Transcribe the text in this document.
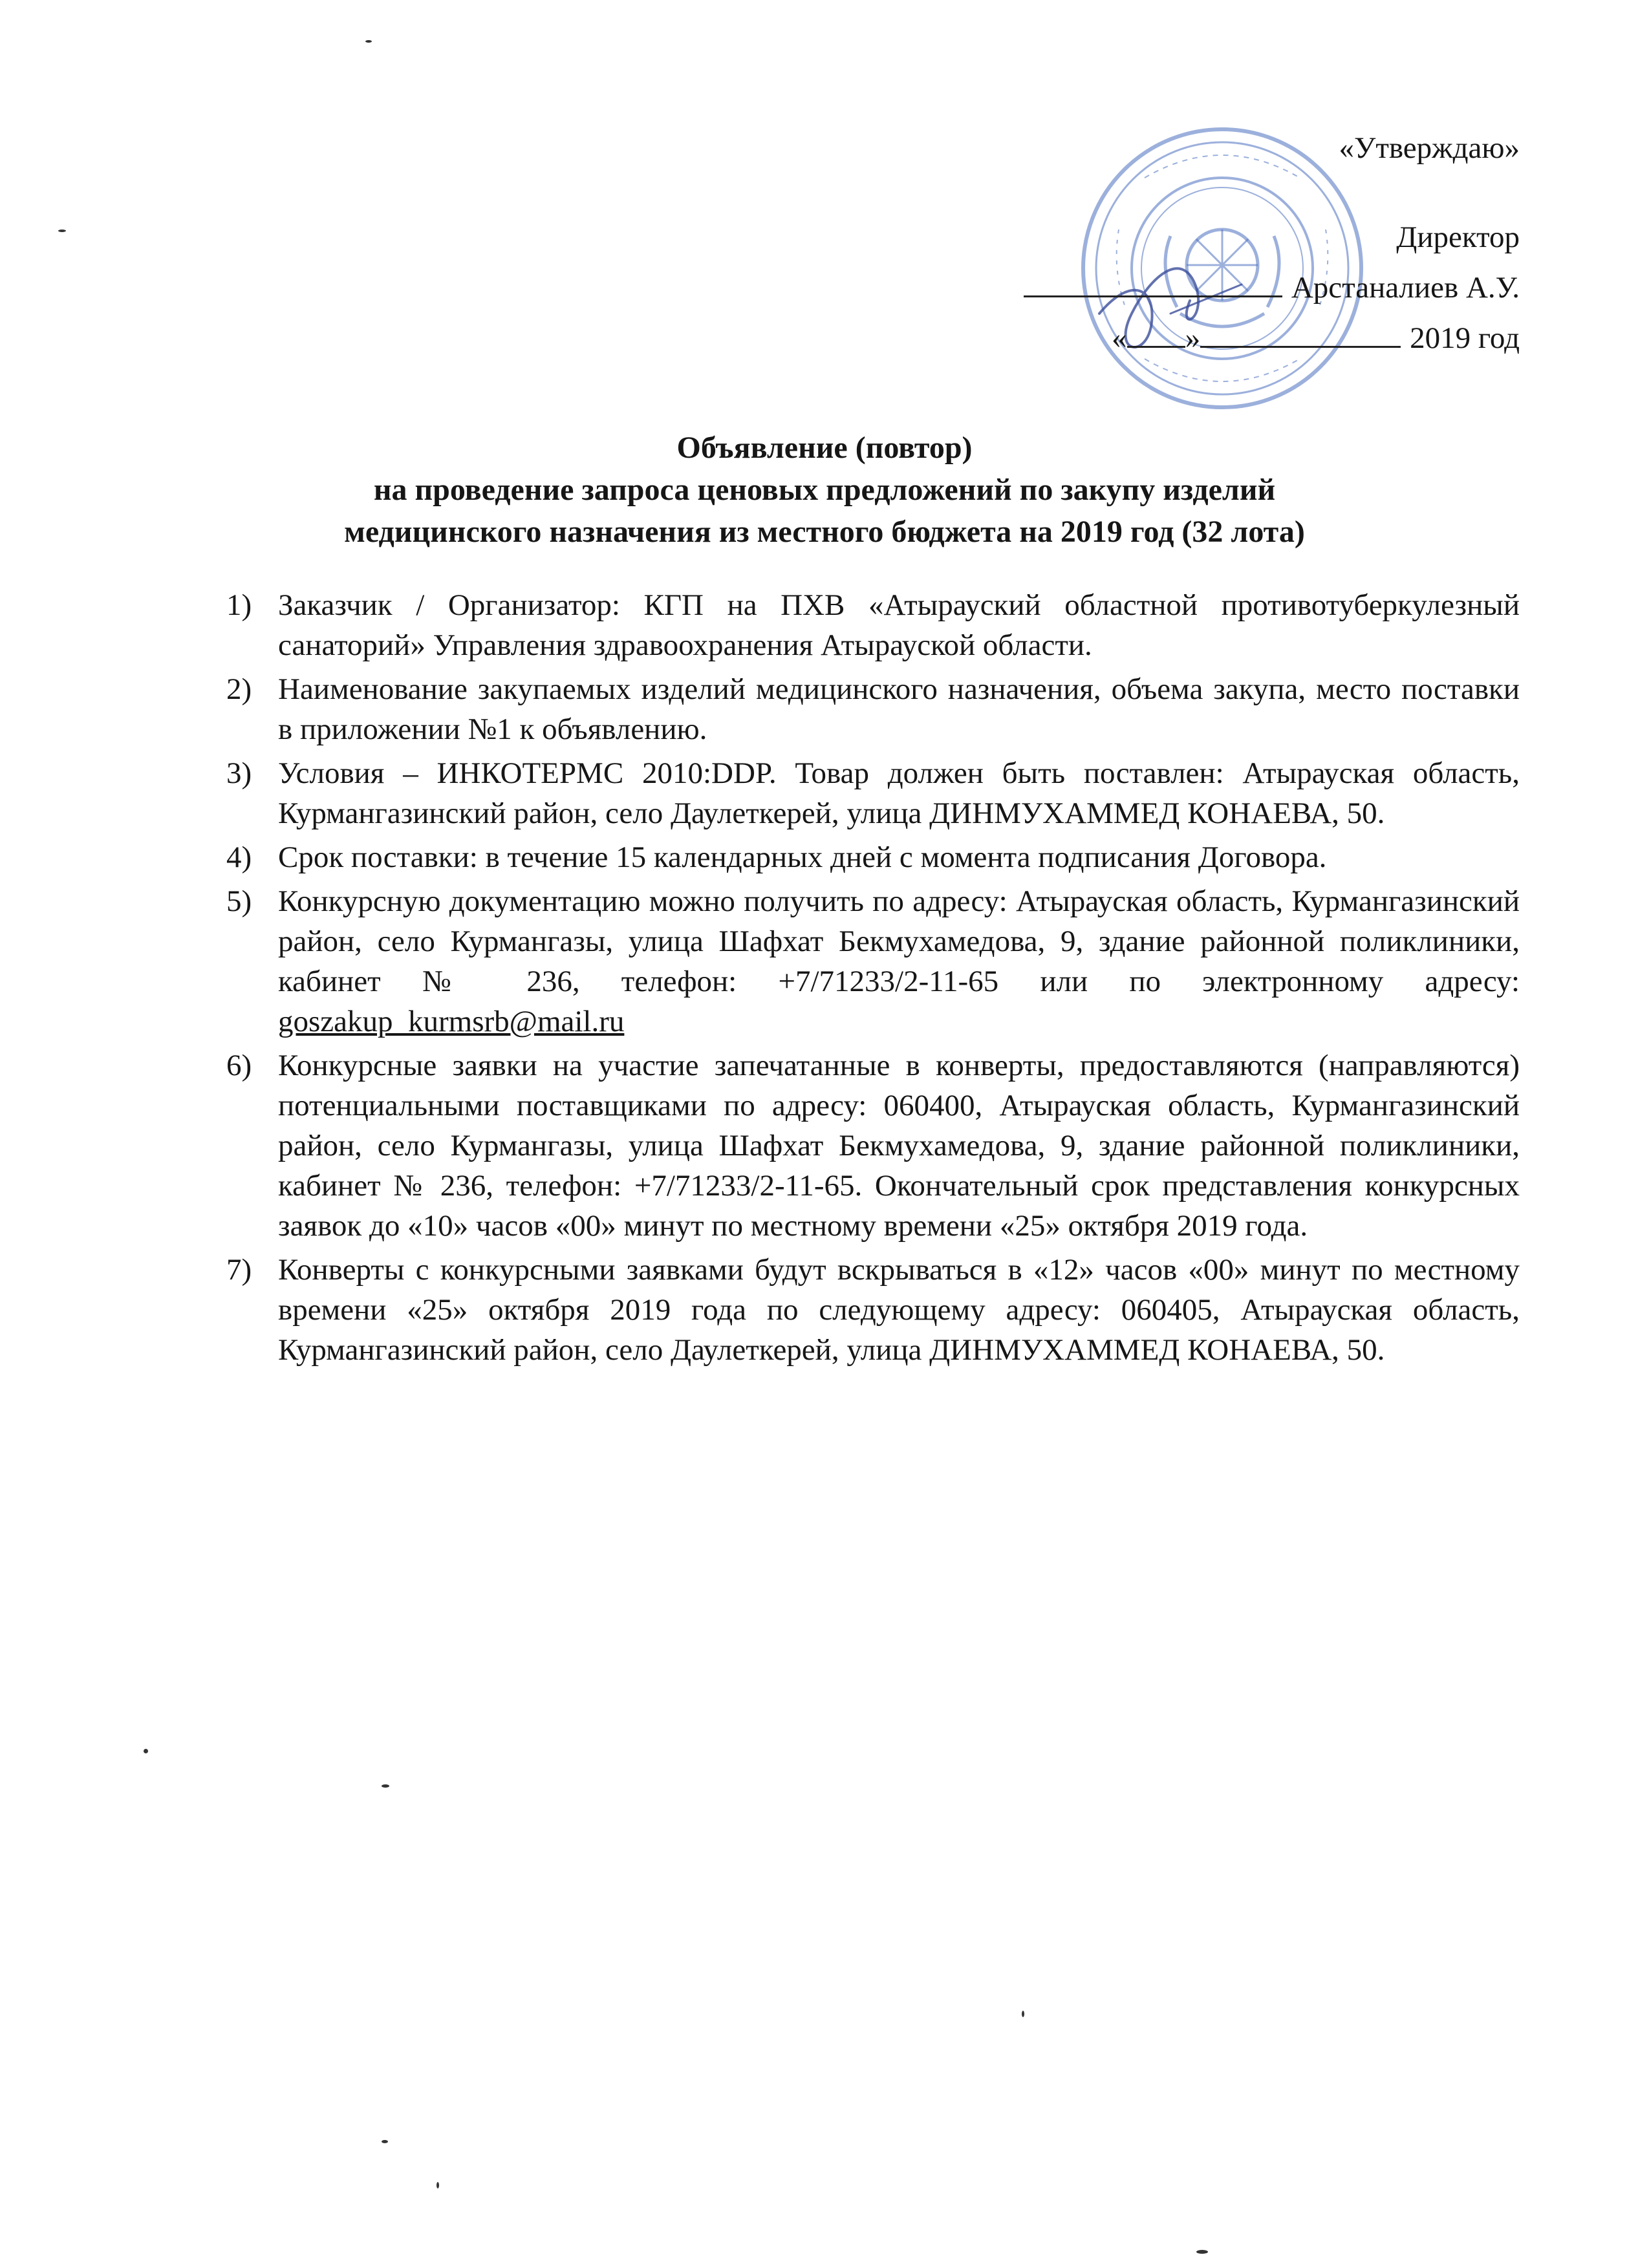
«Утверждаю»
Директор
Арстаналиев А.У.
« »	2019 год
Объявление (повтор)
на проведение запроса ценовых предложений по закупу изделий
медицинского назначения из местного бюджета на 2019 год (32 лота)
1) Заказчик / Организатор: КГП на ПХВ «Атырауский областной противотуберкулезный санаторий» Управления здравоохранения Атырауской области.
2) Наименование закупаемых изделий медицинского назначения, объема закупа, место поставки в приложении №1 к объявлению.
3) Условия – ИНКОТЕРМС 2010:DDP. Товар должен быть поставлен: Атырауская область, Курмангазинский район, село Даулеткерей, улица ДИНМУХАММЕД КОНАЕВА, 50.
4) Срок поставки: в течение 15 календарных дней с момента подписания Договора.
5) Конкурсную документацию можно получить по адресу: Атырауская область, Курмангазинский район, село Курмангазы, улица Шафхат Бекмухамедова, 9, здание районной поликлиники, кабинет № 236, телефон: +7/71233/2-11-65 или по электронному адресу: goszakup_kurmsrb@mail.ru
6) Конкурсные заявки на участие запечатанные в конверты, предоставляются (направляются) потенциальными поставщиками по адресу: 060400, Атырауская область, Курмангазинский район, село Курмангазы, улица Шафхат Бекмухамедова, 9, здание районной поликлиники, кабинет № 236, телефон: +7/71233/2-11-65. Окончательный срок представления конкурсных заявок до «10» часов «00» минут по местному времени «25» октября 2019 года.
7) Конверты с конкурсными заявками будут вскрываться в «12» часов «00» минут по местному времени «25» октября 2019 года по следующему адресу: 060405, Атырауская область, Курмангазинский район, село Даулеткерей, улица ДИНМУХАММЕД КОНАЕВА, 50.
